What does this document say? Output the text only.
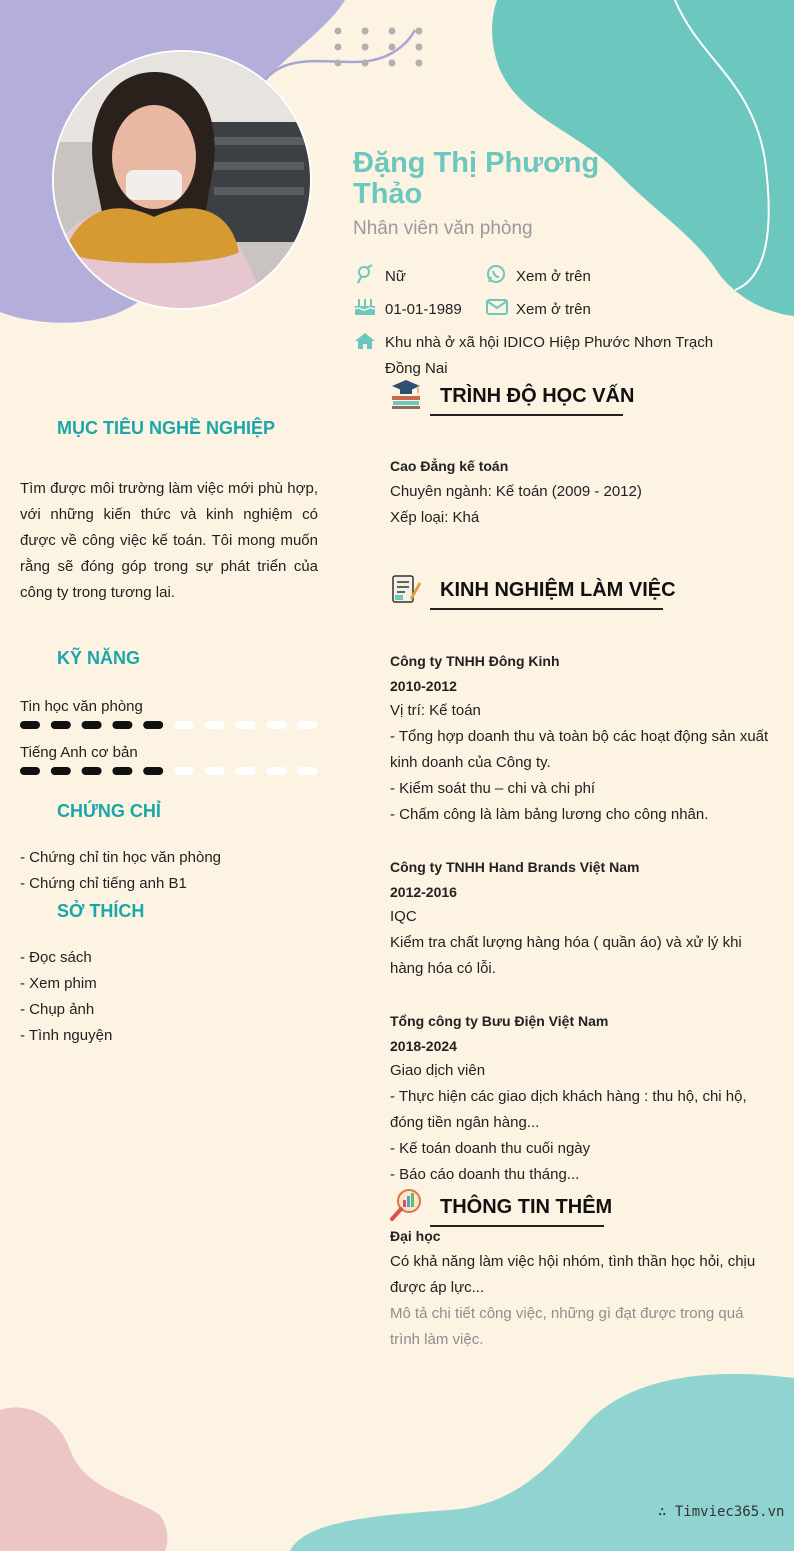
Đặng Thị Phương Thảo
Nhân viên văn phòng
Nữ	Xem ở trên
01-01-1989	Xem ở trên
Khu nhà ở xã hội IDICO Hiệp Phước Nhơn Trạch
Đồng Nai
MỤC TIÊU NGHỀ NGHIỆP
Tìm được môi trường làm việc mới phù hợp, với những kiến thức và kinh nghiệm có được về công việc kế toán. Tôi mong muốn rằng sẽ đóng góp trong sự phát triển của công ty trong tương lai.
KỸ NĂNG
Tin học văn phòng
Tiếng Anh cơ bản
CHỨNG CHỈ
- Chứng chỉ tin học văn phòng
- Chứng chỉ tiếng anh B1
SỞ THÍCH
- Đọc sách
- Xem phim
- Chụp ảnh
- Tình nguyện
TRÌNH ĐỘ HỌC VẤN
Cao Đẳng kế toán
Chuyên ngành: Kế toán (2009 - 2012)
Xếp loại: Khá
KINH NGHIỆM LÀM VIỆC
Công ty TNHH Đông Kinh
2010-2012
Vị trí: Kế toán
- Tổng hợp doanh thu và toàn bộ các hoạt động sản xuất kinh doanh của Công ty.
- Kiểm soát thu – chi và chi phí
- Chấm công là làm bảng lương cho công nhân.
Công ty TNHH Hand Brands Việt Nam
2012-2016
IQC
Kiểm tra chất lượng hàng hóa ( quần áo) và xử lý khi hàng hóa có lỗi.
Tổng công ty Bưu Điện Việt Nam
2018-2024
Giao dịch viên
- Thực hiện các giao dịch khách hàng : thu hộ, chi hộ, đóng tiền ngân hàng...
- Kế toán doanh thu cuối ngày
- Báo cáo doanh thu tháng...
THÔNG TIN THÊM
Đại học
Có khả năng làm việc hội nhóm, tình thần học hỏi, chịu được áp lực...
Mô tả chi tiết công việc, những gì đạt được trong quá trình làm việc.
∴ Timviec365.vn
